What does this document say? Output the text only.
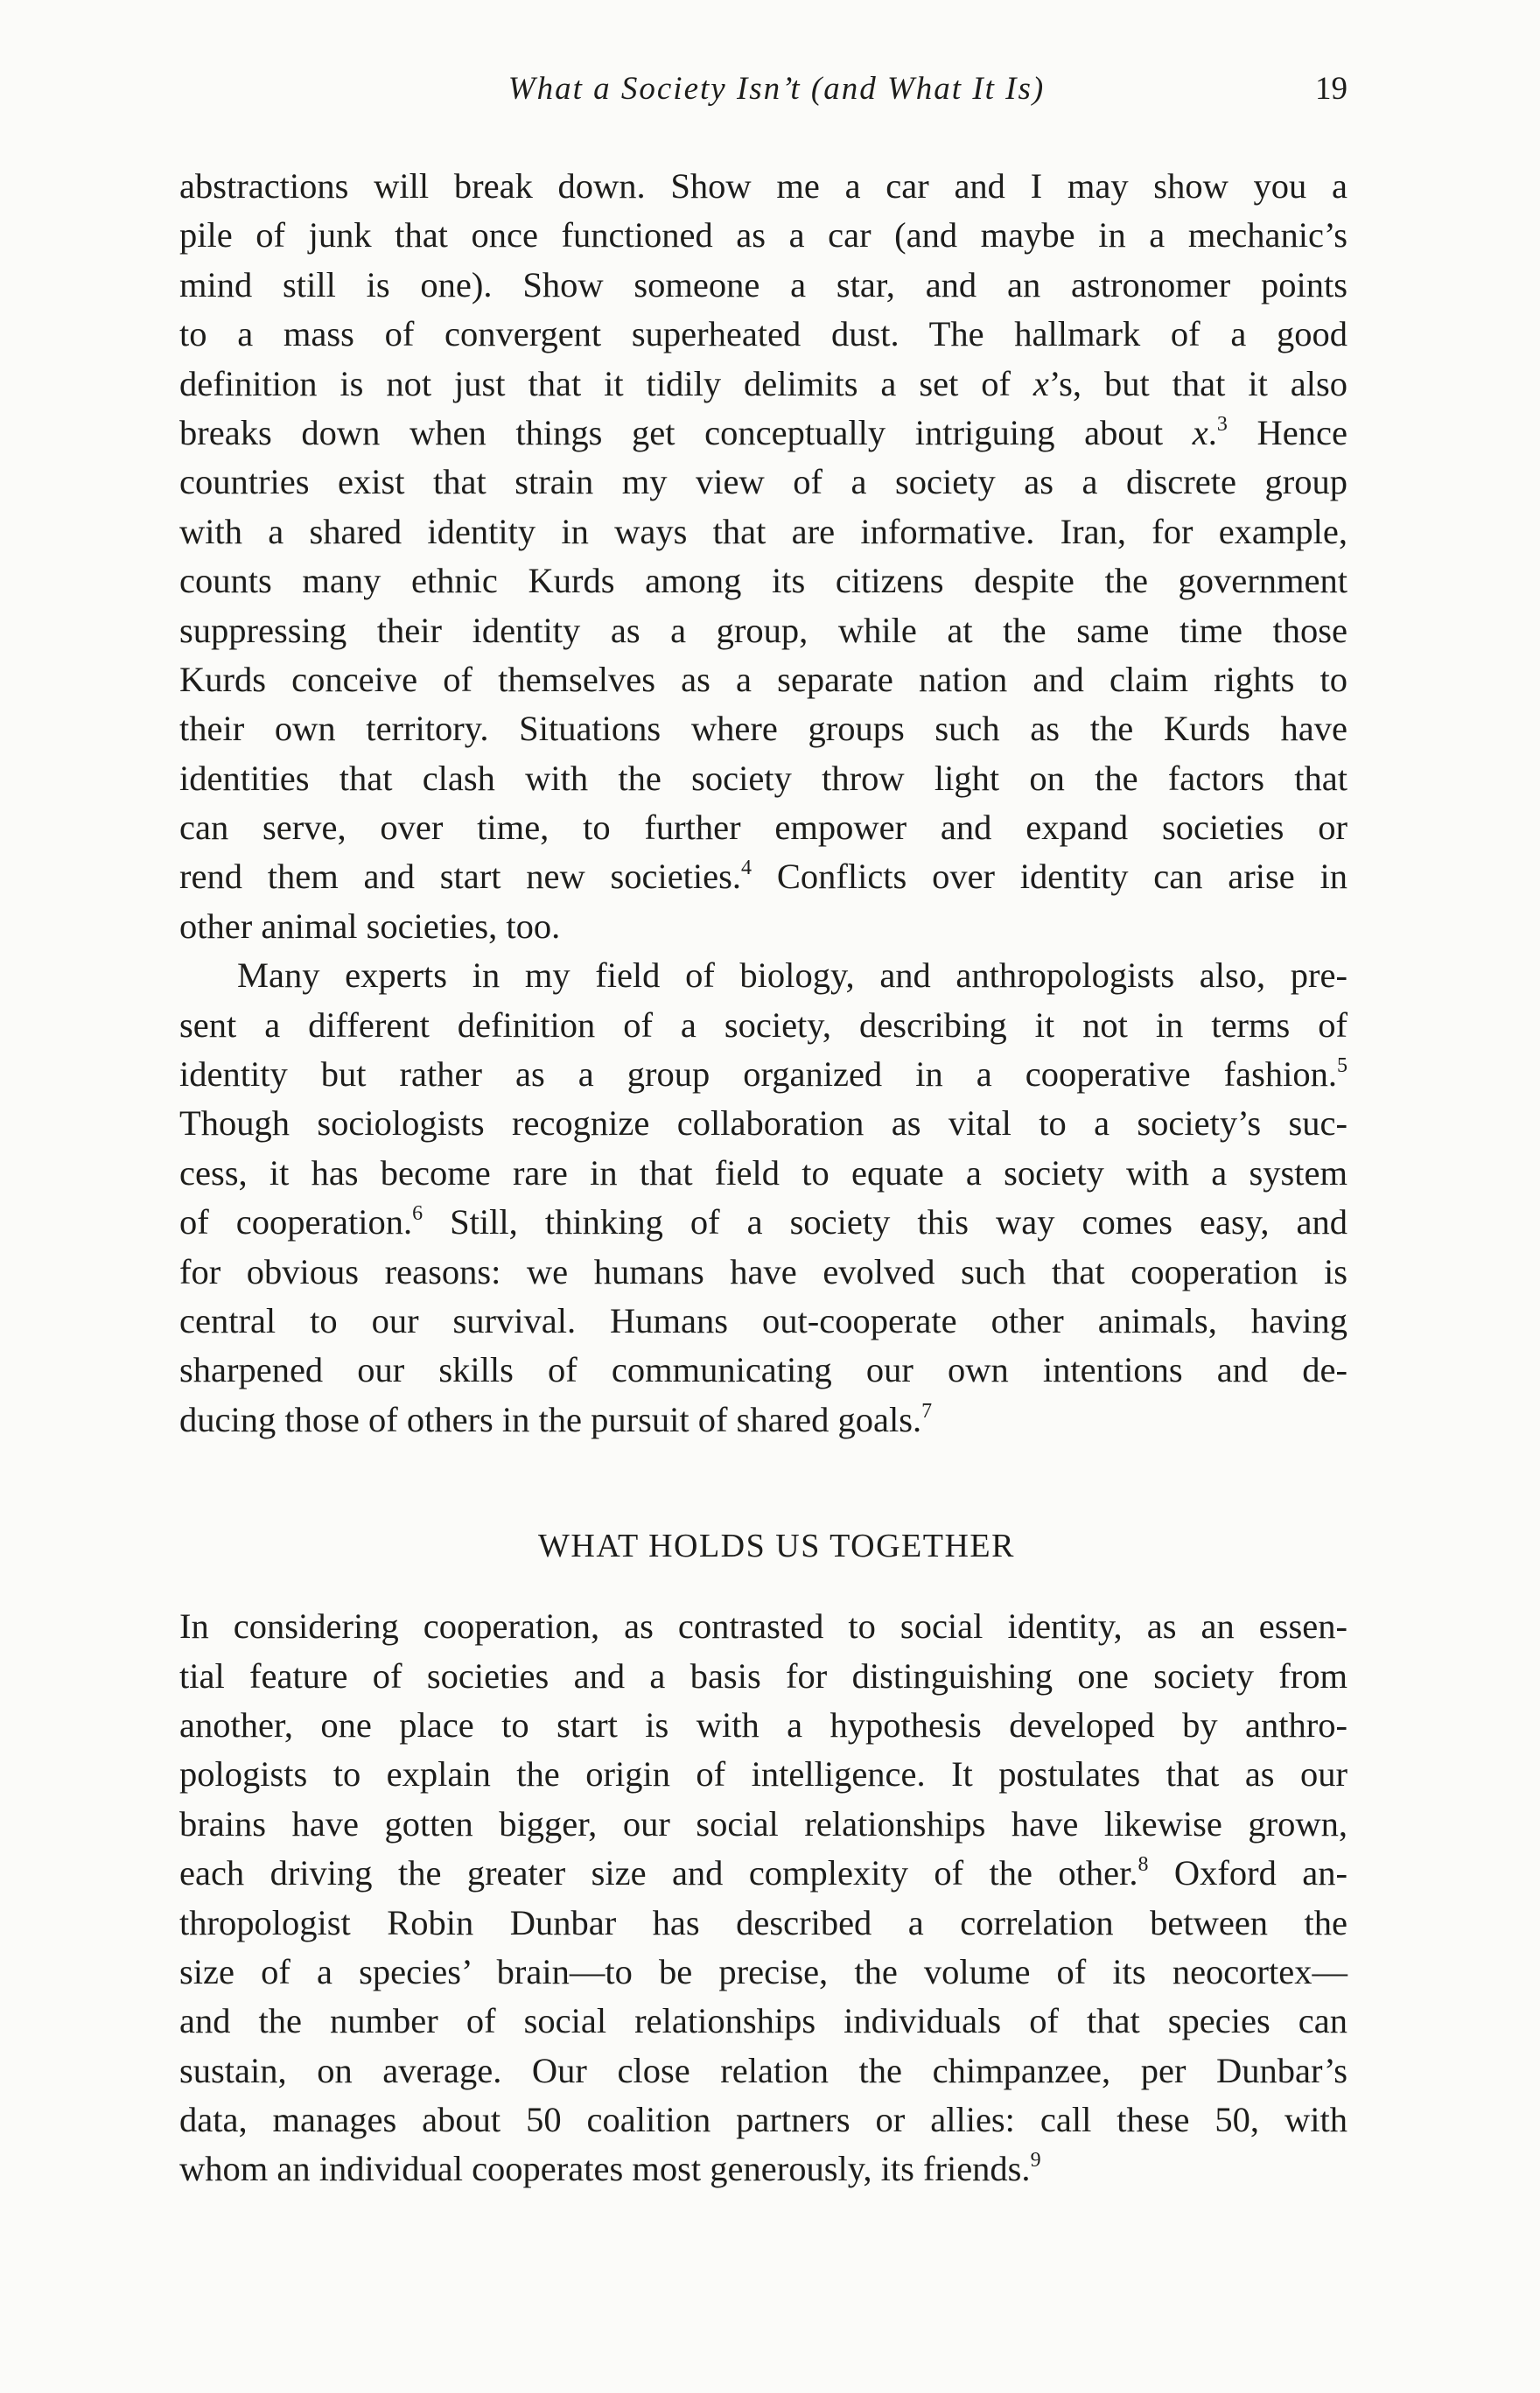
What a Society Isn’t (and What It Is)	19
abstractions will break down. Show me a car and I may show you a
pile of junk that once functioned as a car (and maybe in a mechanic’s
mind still is one). Show someone a star, and an astronomer points
to a mass of convergent superheated dust. The hallmark of a good
definition is not just that it tidily delimits a set of x’s, but that it also
breaks down when things get conceptually intriguing about x.$^3$ Hence
countries exist that strain my view of a society as a discrete group
with a shared identity in ways that are informative. Iran, for example,
counts many ethnic Kurds among its citizens despite the government
suppressing their identity as a group, while at the same time those
Kurds conceive of themselves as a separate nation and claim rights to
their own territory. Situations where groups such as the Kurds have
identities that clash with the society throw light on the factors that
can serve, over time, to further empower and expand societies or
rend them and start new societies.$^4$ Conflicts over identity can arise in
other animal societies, too.
Many experts in my field of biology, and anthropologists also, pre-
sent a different definition of a society, describing it not in terms of
identity but rather as a group organized in a cooperative fashion.$^5$
Though sociologists recognize collaboration as vital to a society’s suc-
cess, it has become rare in that field to equate a society with a system
of cooperation.$^6$ Still, thinking of a society this way comes easy, and
for obvious reasons: we humans have evolved such that cooperation is
central to our survival. Humans out-cooperate other animals, having
sharpened our skills of communicating our own intentions and de-
ducing those of others in the pursuit of shared goals.$^7$
WHAT HOLDS US TOGETHER
In considering cooperation, as contrasted to social identity, as an essen-
tial feature of societies and a basis for distinguishing one society from
another, one place to start is with a hypothesis developed by anthro-
pologists to explain the origin of intelligence. It postulates that as our
brains have gotten bigger, our social relationships have likewise grown,
each driving the greater size and complexity of the other.$^8$ Oxford an-
thropologist Robin Dunbar has described a correlation between the
size of a species’ brain—to be precise, the volume of its neocortex—
and the number of social relationships individuals of that species can
sustain, on average. Our close relation the chimpanzee, per Dunbar’s
data, manages about 50 coalition partners or allies: call these 50, with
whom an individual cooperates most generously, its friends.$^9$
